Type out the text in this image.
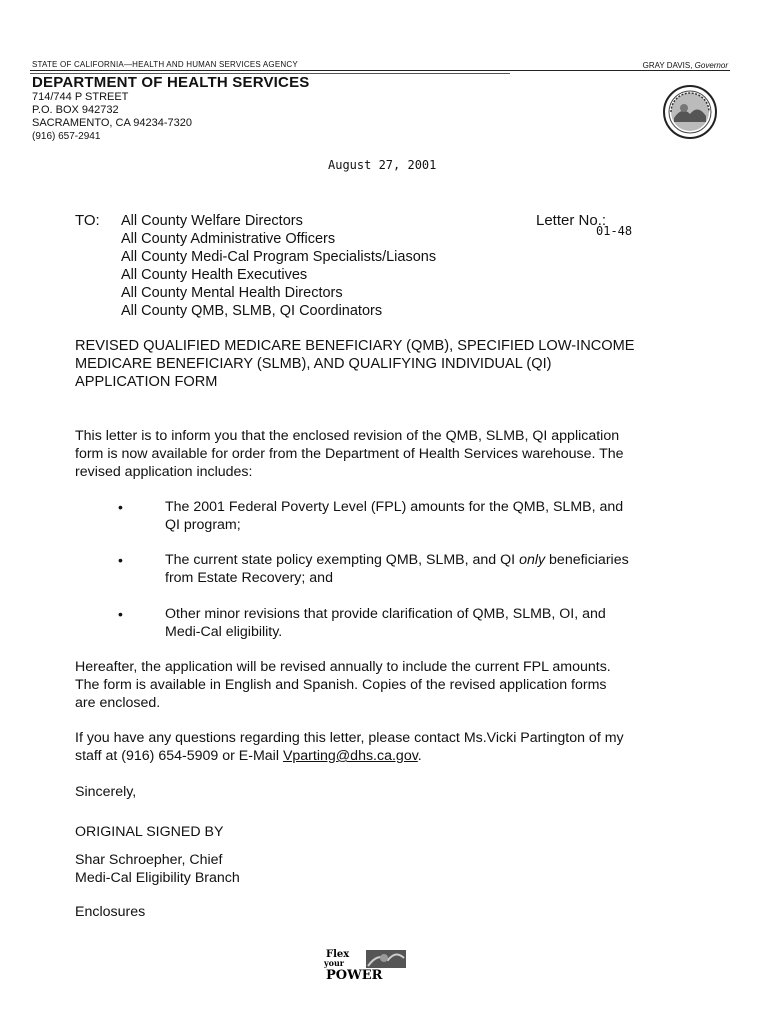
STATE OF CALIFORNIA—HEALTH AND HUMAN SERVICES AGENCY	GRAY DAVIS, Governor
DEPARTMENT OF HEALTH SERVICES
714/744 P STREET
P.O. BOX 942732
SACRAMENTO, CA 94234-7320
(916) 657-2941
August 27, 2001
TO: All County Welfare Directors
All County Administrative Officers
All County Medi-Cal Program Specialists/Liasons
All County Health Executives
All County Mental Health Directors
All County QMB, SLMB, QI Coordinators
Letter No.:
01-48
REVISED QUALIFIED MEDICARE BENEFICIARY (QMB), SPECIFIED LOW-INCOME
MEDICARE BENEFICIARY (SLMB), AND QUALIFYING INDIVIDUAL (QI)
APPLICATION FORM
This letter is to inform you that the enclosed revision of the QMB, SLMB, QI application
form is now available for order from the Department of Health Services warehouse. The
revised application includes:
•	The 2001 Federal Poverty Level (FPL) amounts for the QMB, SLMB, and
QI program;
•	The current state policy exempting QMB, SLMB, and QI only beneficiaries
from Estate Recovery; and
•	Other minor revisions that provide clarification of QMB, SLMB, OI, and
Medi-Cal eligibility.
Hereafter, the application will be revised annually to include the current FPL amounts.
The form is available in English and Spanish. Copies of the revised application forms
are enclosed.
If you have any questions regarding this letter, please contact Ms.Vicki Partington of my
staff at (916) 654-5909 or E-Mail Vparting@dhs.ca.gov.
Sincerely,
ORIGINAL SIGNED BY
Shar Schroepher, Chief
Medi-Cal Eligibility Branch
Enclosures
Flex
your
POWER
